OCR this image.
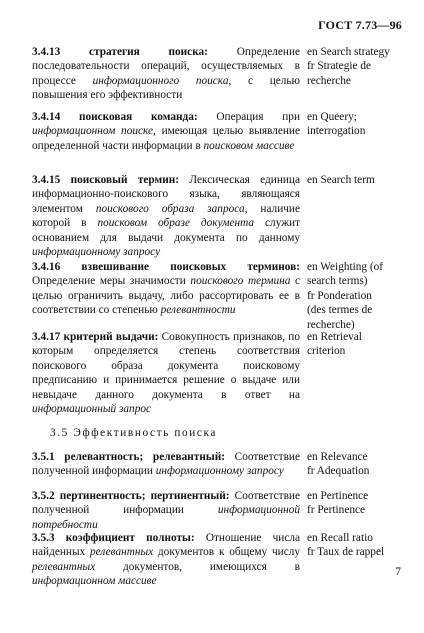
ГОСТ 7.73—96
3.4.13 стратегия поиска: Определение последовательности операций, осуществляемых в процессе информационного поиска, с целью повышения его эффективности
en Search strategy
fr Strategie de
recherche
3.4.14 поисковая команда: Операция при информационном поиске, имеющая целью выявление определенной части информации в поисковом массиве
en Queery;
interrogation
3.4.15 поисковый термин: Лексическая единица информационно-поискового языка, являющаяся элементом поискового образа запроса, наличие которой в поисковом образе документа служит основанием для выдачи документа по данному информационному запросу
en Search term
3.4.16 взвешивание поисковых терминов: Определение меры значимости поискового термина с целью ограничить выдачу, либо рассортировать ее в соответствии со степенью релевантности
en Weighting (of
search terms)
fr Ponderation
(des termes de
recherche)
3.4.17 критерий выдачи: Совокупность признаков, по которым определяется степень соответствия поискового образа документа поисковому предписанию и принимается решение о выдаче или невыдаче данного документа в ответ на информационный запрос
en Retrieval
criterion
3.5 Эффективность поиска
3.5.1 релевантность; релевантный: Соответствие полученной информации информационному запросу
en Relevance
fr Adequation
3.5.2 пертинентность; пертинентный: Соответствие полученной информации информационной потребности
en Pertinence
fr Pertinence
3.5.3 коэффициент полноты: Отношение числа найденных релевантных документов к общему числу релевантных документов, имеющихся в информационном массиве
en Recall ratio
fr Taux de rappel
7
